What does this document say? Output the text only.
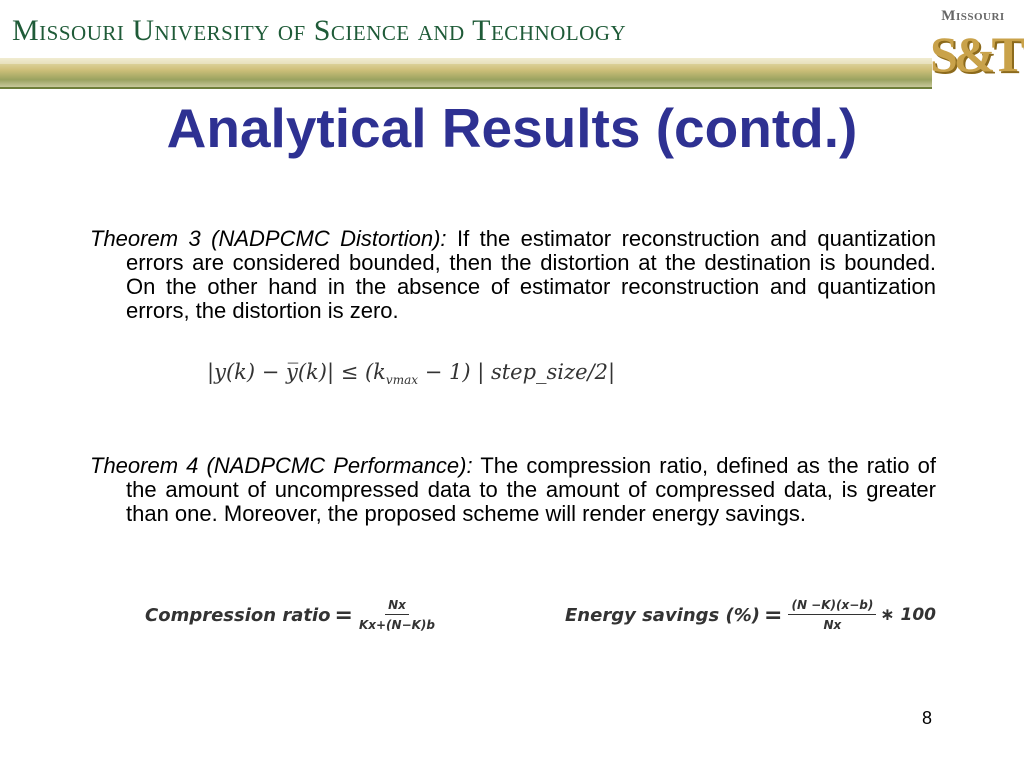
Missouri University of Science and Technology	Missouri
S&T
Analytical Results (contd.)
Theorem 3 (NADPCMC Distortion): If the estimator reconstruction and quantization errors are considered bounded, then the distortion at the destination is bounded. On the other hand in the absence of estimator reconstruction and quantization errors, the distortion is zero.
|y(k) − y̅(k)| ≤ $(k_{vmax} - 1)$ | step_size/2|
Theorem 4 (NADPCMC Performance): The compression ratio, defined as the ratio of the amount of uncompressed data to the amount of compressed data, is greater than one. Moreover, the proposed scheme will render energy savings.
Compression ratio = $\frac{Nx}{Kx+(N-K)b}$	Energy savings (%) = $\frac{(N -K)(x-b)}{Nx}$ ∗ 100
8
